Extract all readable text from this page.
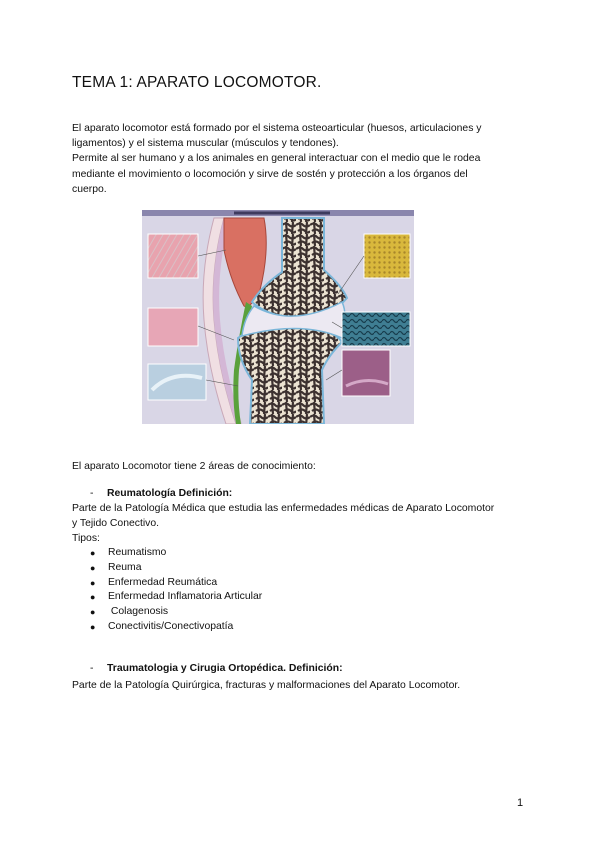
TEMA 1: APARATO LOCOMOTOR.
El aparato locomotor está formado por el sistema osteoarticular (huesos, articulaciones y
ligamentos) y el sistema muscular (músculos y tendones).
Permite al ser humano y a los animales en general interactuar con el medio que le rodea
mediante el movimiento o locomoción y sirve de sostén y protección a los órganos del
cuerpo.
El aparato Locomotor tiene 2 áreas de conocimiento:
- Reumatología Definición:
Parte de la Patología Médica que estudia las enfermedades médicas de Aparato Locomotor
y Tejido Conectivo.
Tipos:
● Reumatismo
● Reuma
● Enfermedad Reumática
● Enfermedad Inflamatoria Articular
● Colagenosis
● Conectivitis/Conectivopatía
- Traumatologia y Cirugia Ortopédica. Definición:
Parte de la Patología Quirúrgica, fracturas y malformaciones del Aparato Locomotor.
1
